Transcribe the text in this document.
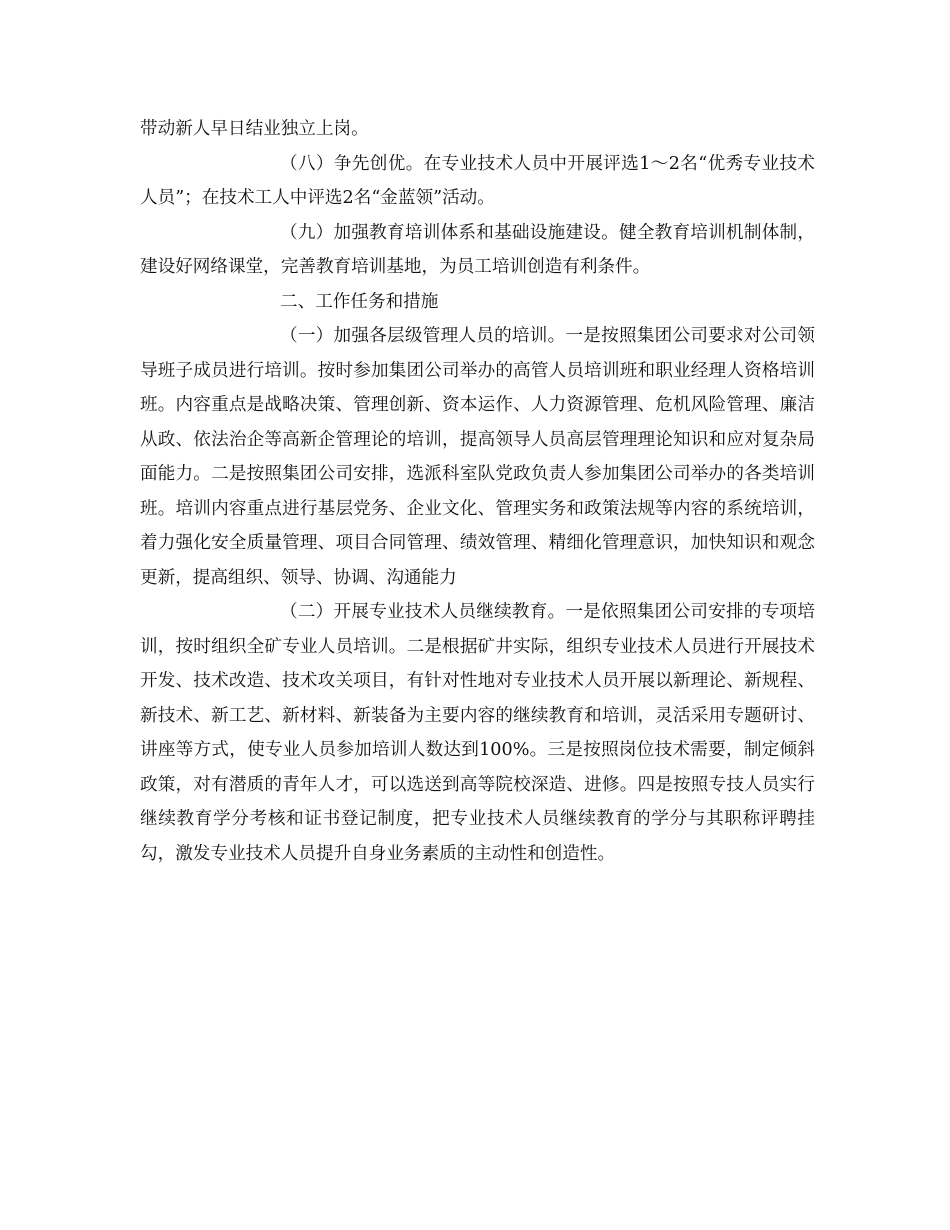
带动新人早日结业独立上岗。

（八）争先创优。在专业技术人员中开展评选1～2名“优秀专业技术人员”；在技术工人中评选2名“金蓝领”活动。

（九）加强教育培训体系和基础设施建设。健全教育培训机制体制，建设好网络课堂，完善教育培训基地，为员工培训创造有利条件。

二、工作任务和措施

（一）加强各层级管理人员的培训。一是按照集团公司要求对公司领导班子成员进行培训。按时参加集团公司举办的高管人员培训班和职业经理人资格培训班。内容重点是战略决策、管理创新、资本运作、人力资源管理、危机风险管理、廉洁从政、依法治企等高新企管理论的培训，提高领导人员高层管理理论知识和应对复杂局面能力。二是按照集团公司安排，选派科室队党政负责人参加集团公司举办的各类培训班。培训内容重点进行基层党务、企业文化、管理实务和政策法规等内容的系统培训，着力强化安全质量管理、项目合同管理、绩效管理、精细化管理意识，加快知识和观念更新，提高组织、领导、协调、沟通能力

（二）开展专业技术人员继续教育。一是依照集团公司安排的专项培训，按时组织全矿专业人员培训。二是根据矿井实际，组织专业技术人员进行开展技术开发、技术改造、技术攻关项目，有针对性地对专业技术人员开展以新理论、新规程、新技术、新工艺、新材料、新装备为主要内容的继续教育和培训，灵活采用专题研讨、讲座等方式，使专业人员参加培训人数达到100%。三是按照岗位技术需要，制定倾斜政策，对有潜质的青年人才，可以选送到高等院校深造、进修。四是按照专技人员实行继续教育学分考核和证书登记制度，把专业技术人员继续教育的学分与其职称评聘挂勾，激发专业技术人员提升自身业务素质的主动性和创造性。
